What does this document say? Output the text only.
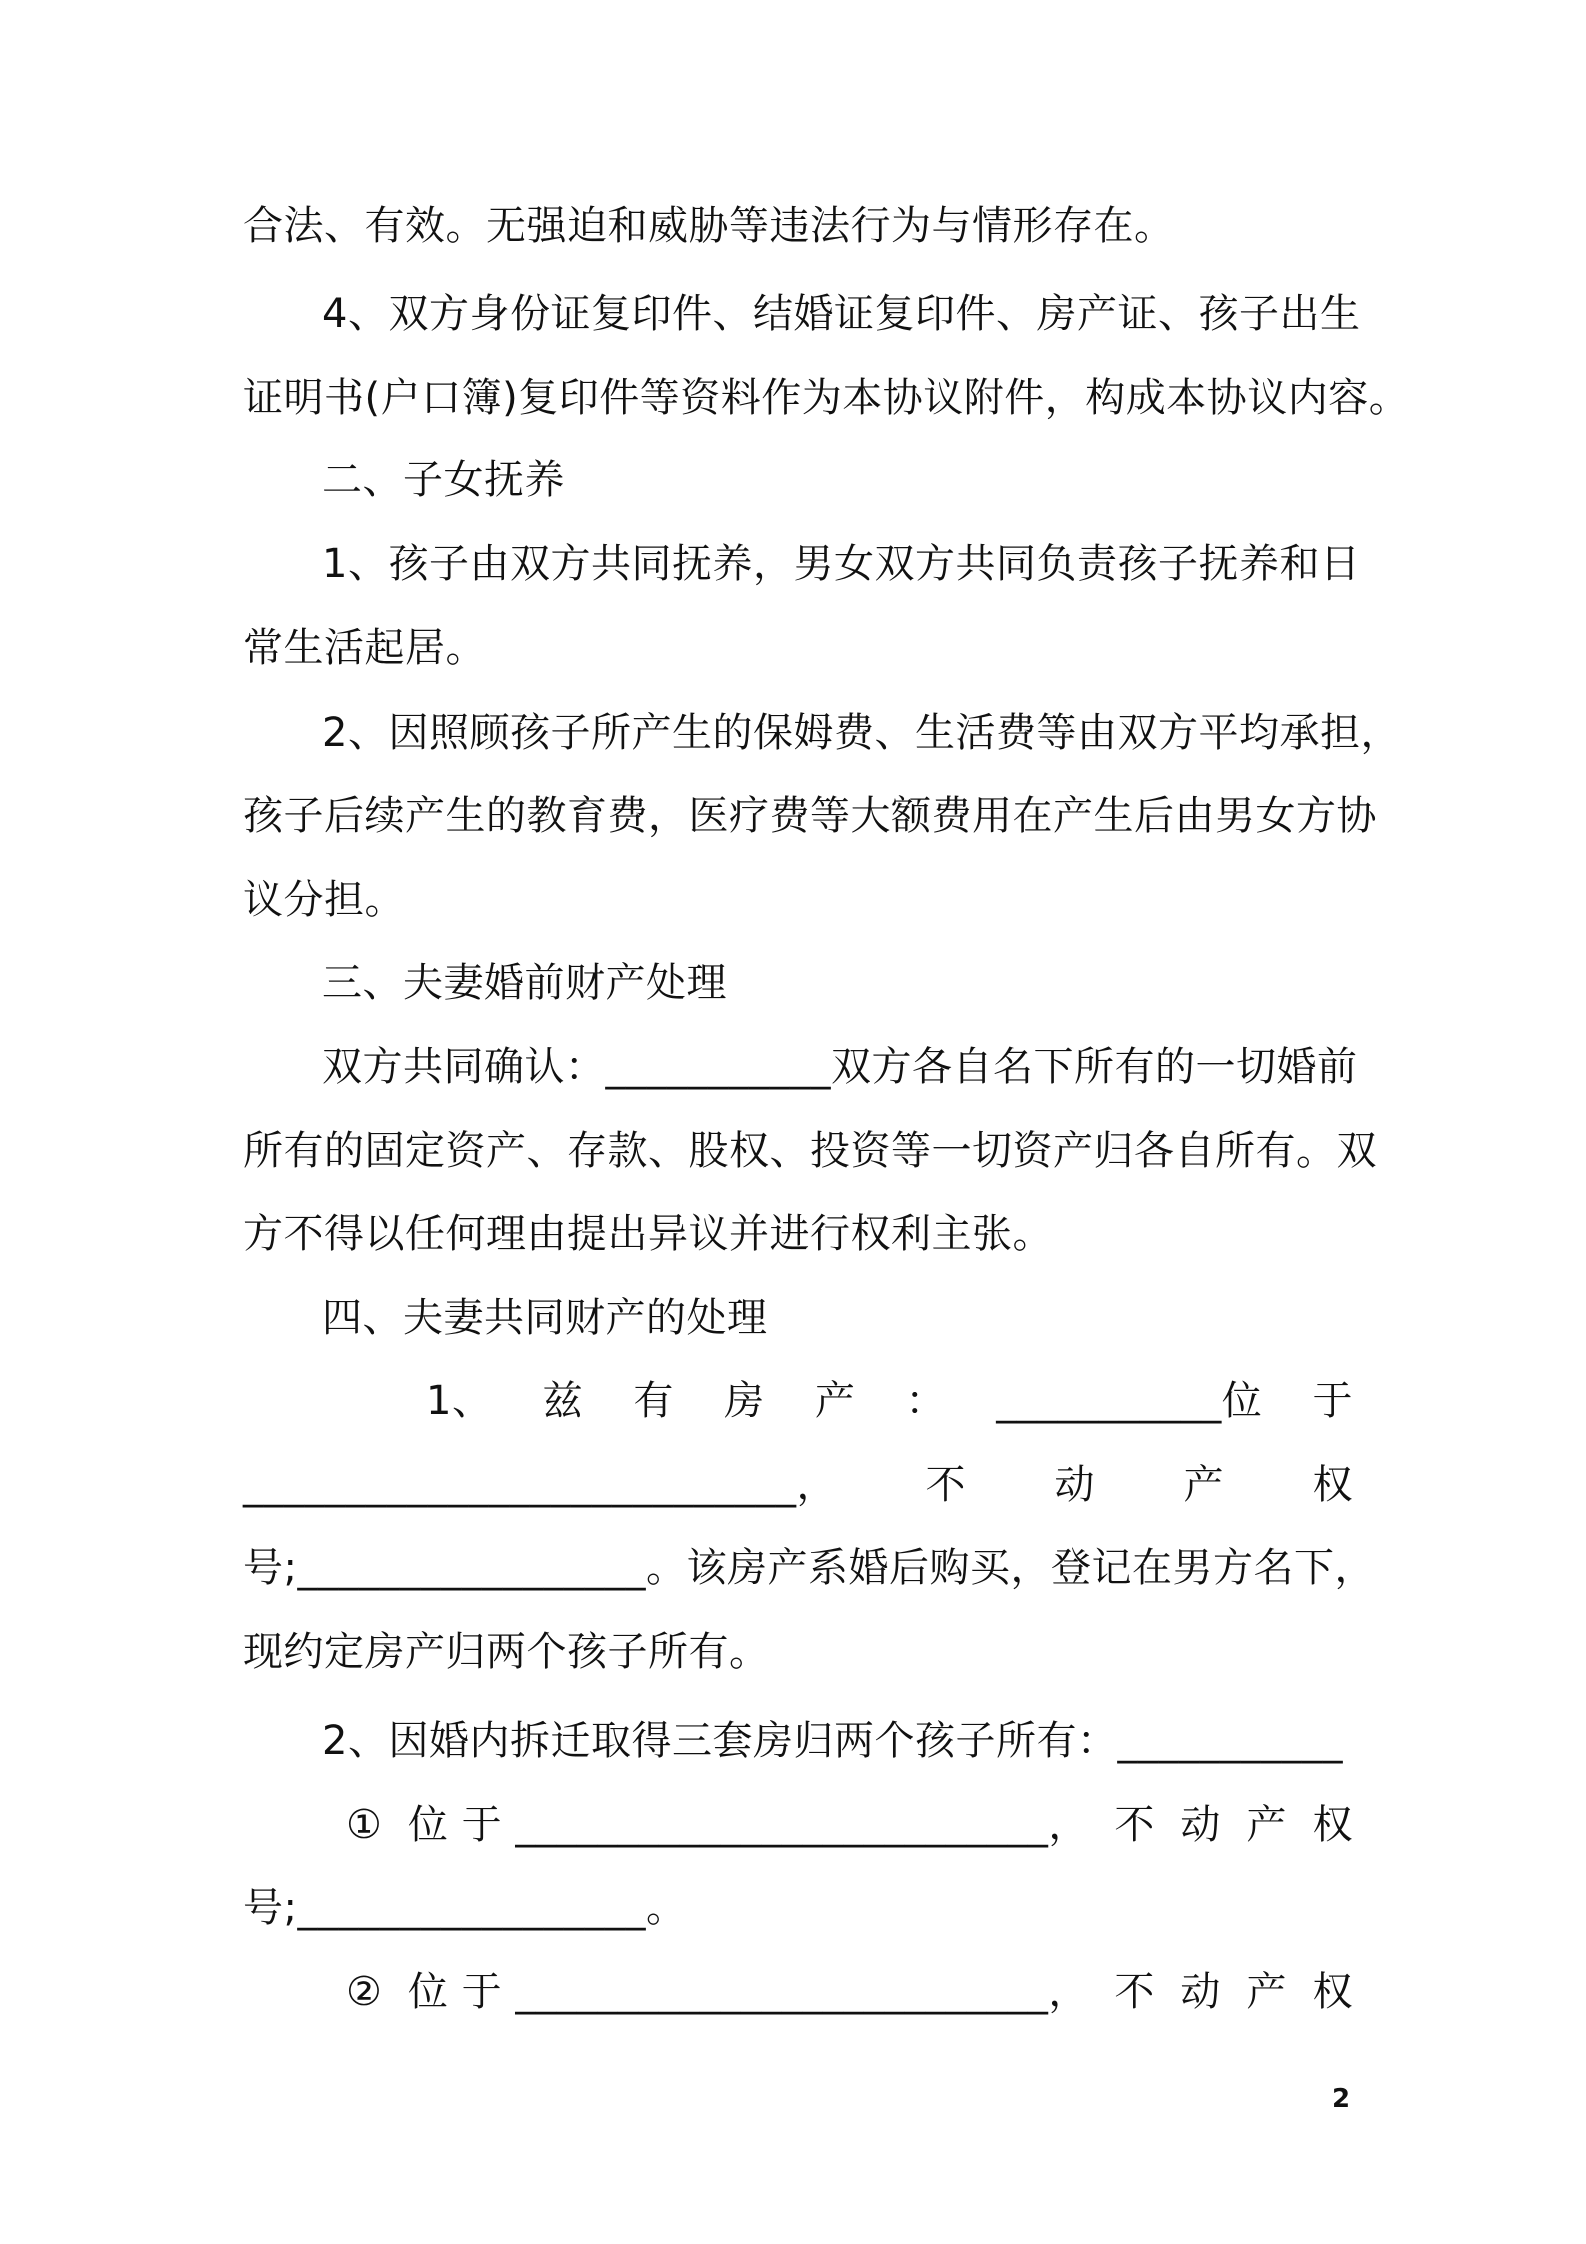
合法、有效。无强迫和威胁等违法行为与情形存在。
4、双方身份证复印件、结婚证复印件、房产证、孩子出生
证明书(户口簿)复印件等资料作为本协议附件，构成本协议内容。
二、子女抚养
1、孩子由双方共同抚养，男女双方共同负责孩子抚养和日
常生活起居。
2、因照顾孩子所产生的保姆费、生活费等由双方平均承担，
孩子后续产生的教育费，医疗费等大额费用在产生后由男女方协
议分担。
三、夫妻婚前财产处理
双方共同确认：___________双方各自名下所有的一切婚前
所有的固定资产、存款、股权、投资等一切资产归各自所有。双
方不得以任何理由提出异议并进行权利主张。
四、夫妻共同财产的处理
1、 兹 有 房 产 ： ___________位 于
___________________________， 不 动 产 权
号;_________________。该房产系婚后购买，登记在男方名下，
现约定房产归两个孩子所有。
2、因婚内拆迁取得三套房归两个孩子所有：___________
① 位 于 __________________________， 不 动 产 权
号;_________________。
② 位 于 __________________________， 不 动 产 权
2
